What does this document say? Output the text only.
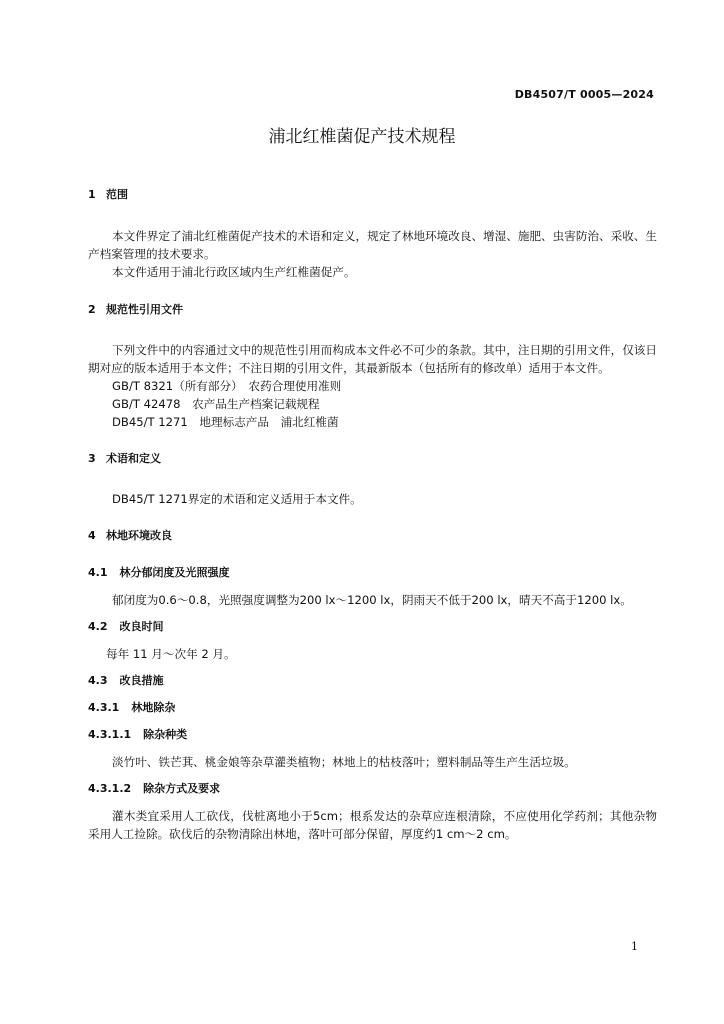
DB4507/T 0005—2024
浦北红椎菌促产技术规程

1 范围

本文件界定了浦北红椎菌促产技术的术语和定义，规定了林地环境改良、增湿、施肥、虫害防治、采收、生产档案管理的技术要求。

本文件适用于浦北行政区域内生产红椎菌促产。

2 规范性引用文件

下列文件中的内容通过文中的规范性引用而构成本文件必不可少的条款。其中，注日期的引用文件，仅该日期对应的版本适用于本文件；不注日期的引用文件，其最新版本（包括所有的修改单）适用于本文件。

GB/T 8321（所有部分）　农药合理使用准则

GB/T 42478　农产品生产档案记载规程

DB45/T 1271　地理标志产品　浦北红椎菌

3 术语和定义

DB45/T 1271界定的术语和定义适用于本文件。

4 林地环境改良

4.1 林分郁闭度及光照强度

郁闭度为0.6～0.8，光照强度调整为200 lx～1200 lx，阴雨天不低于200 lx，晴天不高于1200 lx。

4.2 改良时间

每年 11 月～次年 2 月。

4.3 改良措施

4.3.1 林地除杂

4.3.1.1 除杂种类

淡竹叶、铁芒萁、桃金娘等杂草灌类植物；林地上的枯枝落叶；塑料制品等生产生活垃圾。

4.3.1.2 除杂方式及要求

灌木类宜采用人工砍伐，伐桩离地小于5cm；根系发达的杂草应连根清除，不应使用化学药剂；其他杂物采用人工捡除。砍伐后的杂物清除出林地，落叶可部分保留，厚度约1 cm～2 cm。

1
